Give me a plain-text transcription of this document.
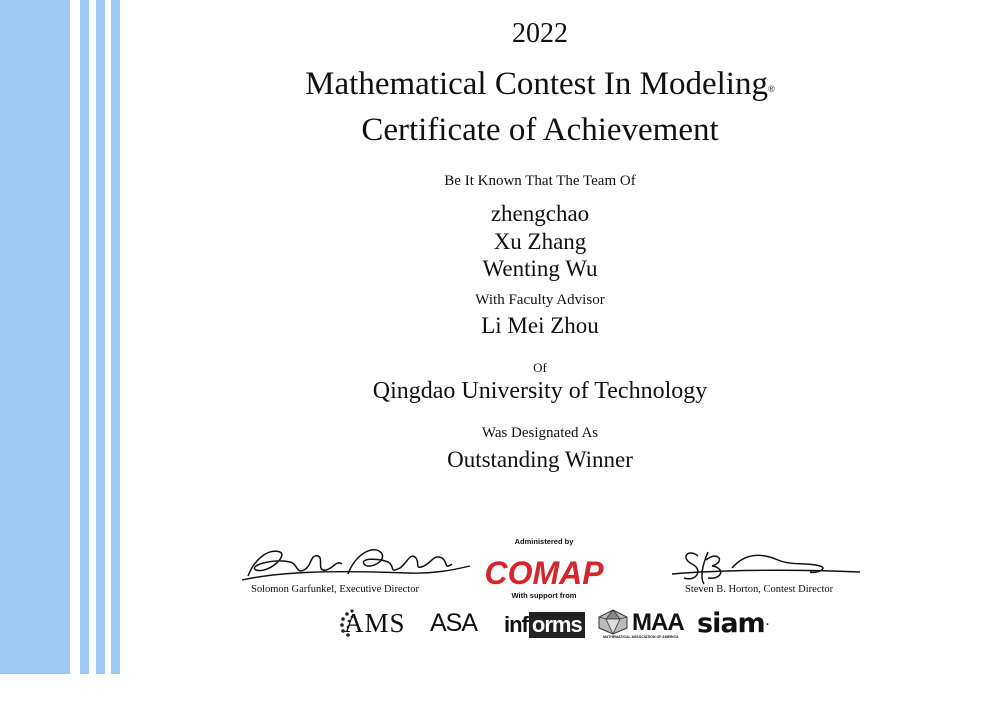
2022
Mathematical Contest In Modeling®
Certificate of Achievement
Be It Known That The Team Of
zhengchao
Xu Zhang
Wenting Wu
With Faculty Advisor
Li Mei Zhou
Of
Qingdao University of Technology
Was Designated As
Outstanding Winner
Solomon Garfunkel, Executive Director
Administered by
COMAP
With support from
Steven B. Horton, Contest Director
AMS ASA inf orms MAA
MATHEMATICAL ASSOCIATION OF AMERICA siam .
